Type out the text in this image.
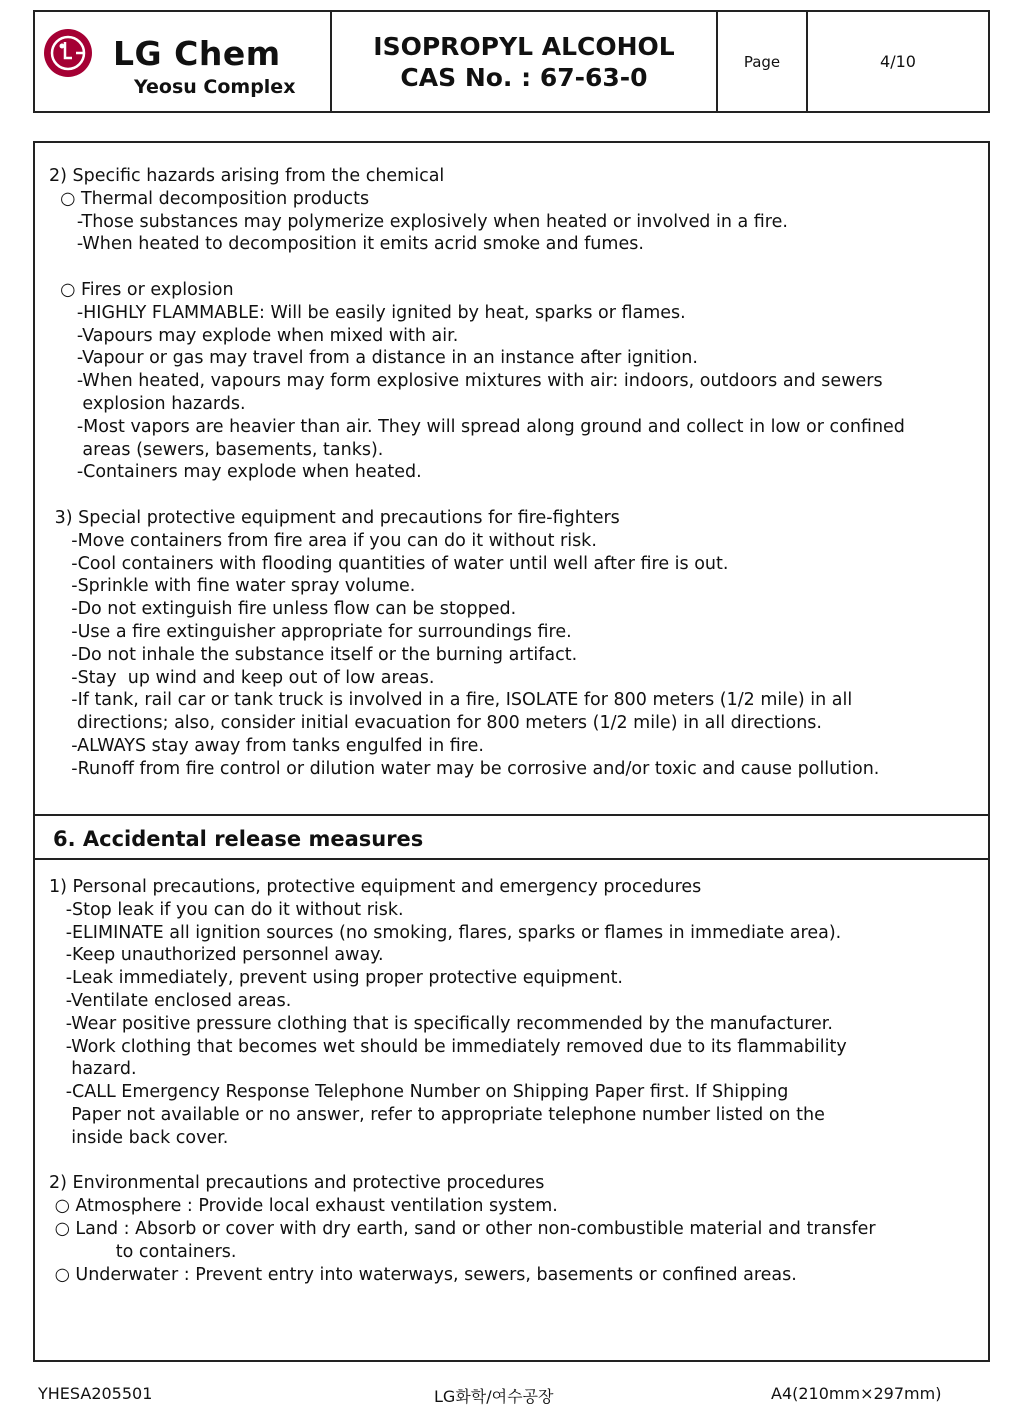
LG Chem
Yeosu Complex
ISOPROPYL ALCOHOL
CAS No. : 67-63-0
Page	4/10
2) Specific hazards arising from the chemical
○ Thermal decomposition products
-Those substances may polymerize explosively when heated or involved in a fire.
-When heated to decomposition it emits acrid smoke and fumes.
○ Fires or explosion
-HIGHLY FLAMMABLE: Will be easily ignited by heat, sparks or flames.
-Vapours may explode when mixed with air.
-Vapour or gas may travel from a distance in an instance after ignition.
-When heated, vapours may form explosive mixtures with air: indoors, outdoors and sewers
explosion hazards.
-Most vapors are heavier than air. They will spread along ground and collect in low or confined
areas (sewers, basements, tanks).
-Containers may explode when heated.
3) Special protective equipment and precautions for fire-fighters
-Move containers from fire area if you can do it without risk.
-Cool containers with flooding quantities of water until well after fire is out.
-Sprinkle with fine water spray volume.
-Do not extinguish fire unless flow can be stopped.
-Use a fire extinguisher appropriate for surroundings fire.
-Do not inhale the substance itself or the burning artifact.
-Stay  up wind and keep out of low areas.
-If tank, rail car or tank truck is involved in a fire, ISOLATE for 800 meters (1/2 mile) in all
directions; also, consider initial evacuation for 800 meters (1/2 mile) in all directions.
-ALWAYS stay away from tanks engulfed in fire.
-Runoff from fire control or dilution water may be corrosive and/or toxic and cause pollution.
6. Accidental release measures
1) Personal precautions, protective equipment and emergency procedures
-Stop leak if you can do it without risk.
-ELIMINATE all ignition sources (no smoking, flares, sparks or flames in immediate area).
-Keep unauthorized personnel away.
-Leak immediately, prevent using proper protective equipment.
-Ventilate enclosed areas.
-Wear positive pressure clothing that is specifically recommended by the manufacturer.
-Work clothing that becomes wet should be immediately removed due to its flammability
hazard.
-CALL Emergency Response Telephone Number on Shipping Paper first. If Shipping
Paper not available or no answer, refer to appropriate telephone number listed on the
inside back cover.
2) Environmental precautions and protective procedures
○ Atmosphere : Provide local exhaust ventilation system.
○ Land : Absorb or cover with dry earth, sand or other non-combustible material and transfer
to containers.
○ Underwater : Prevent entry into waterways, sewers, basements or confined areas.
YHESA205501	LG화학/여수공장	A4(210mm×297mm)
